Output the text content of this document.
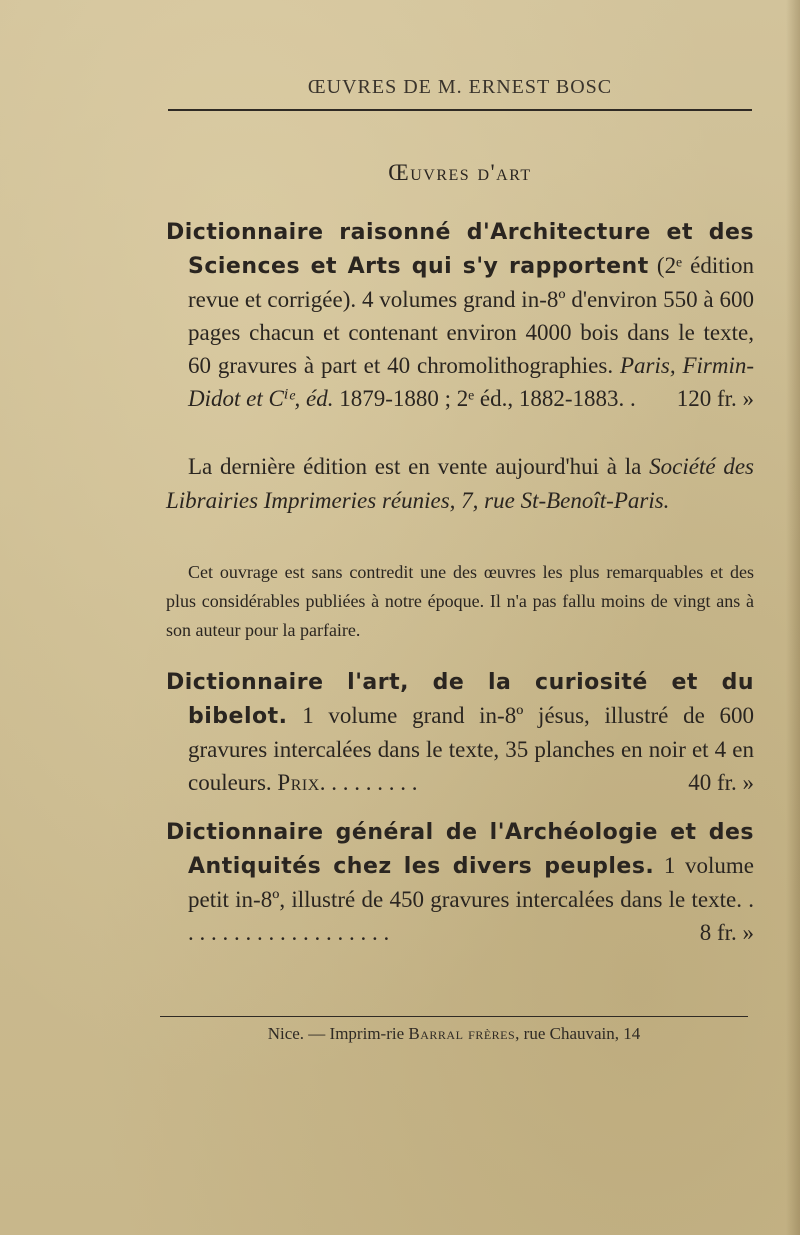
ŒUVRES DE M. ERNEST BOSC
Œuvres d'art

Dictionnaire raisonné d'Architecture et des Sciences et Arts qui s'y rapportent (2ᵉ édition revue et corrigée). 4 volumes grand in-8º d'environ 550 à 600 pages chacun et contenant environ 4000 bois dans le texte, 60 gravures à part et 40 chromolithographies. Paris, Firmin-Didot et Cⁱᵉ, éd. 1879-1880 ; 2ᵉ éd., 1882-1883. . 120 fr. »

La dernière édition est en vente aujourd'hui à la Société des Librairies Imprimeries réunies, 7, rue St-Benoît-Paris.

Cet ouvrage est sans contredit une des œuvres les plus remarquables et des plus considérables publiées à notre époque. Il n'a pas fallu moins de vingt ans à son auteur pour la parfaire.

Dictionnaire l'art, de la curiosité et du bibelot. 1 volume grand in-8º jésus, illustré de 600 gravures intercalées dans le texte, 35 planches en noir et 4 en couleurs. Prix. . . . . . . . .	40 fr. »

Dictionnaire général de l'Archéologie et des Antiquités chez les divers peuples. 1 volume petit in-8º, illustré de 450 gravures intercalées dans le texte. . . . . . . . . . . . . . . . . . . .	8 fr. »

Nice. — Imprim-rie Barral frères, rue Chauvain, 14
